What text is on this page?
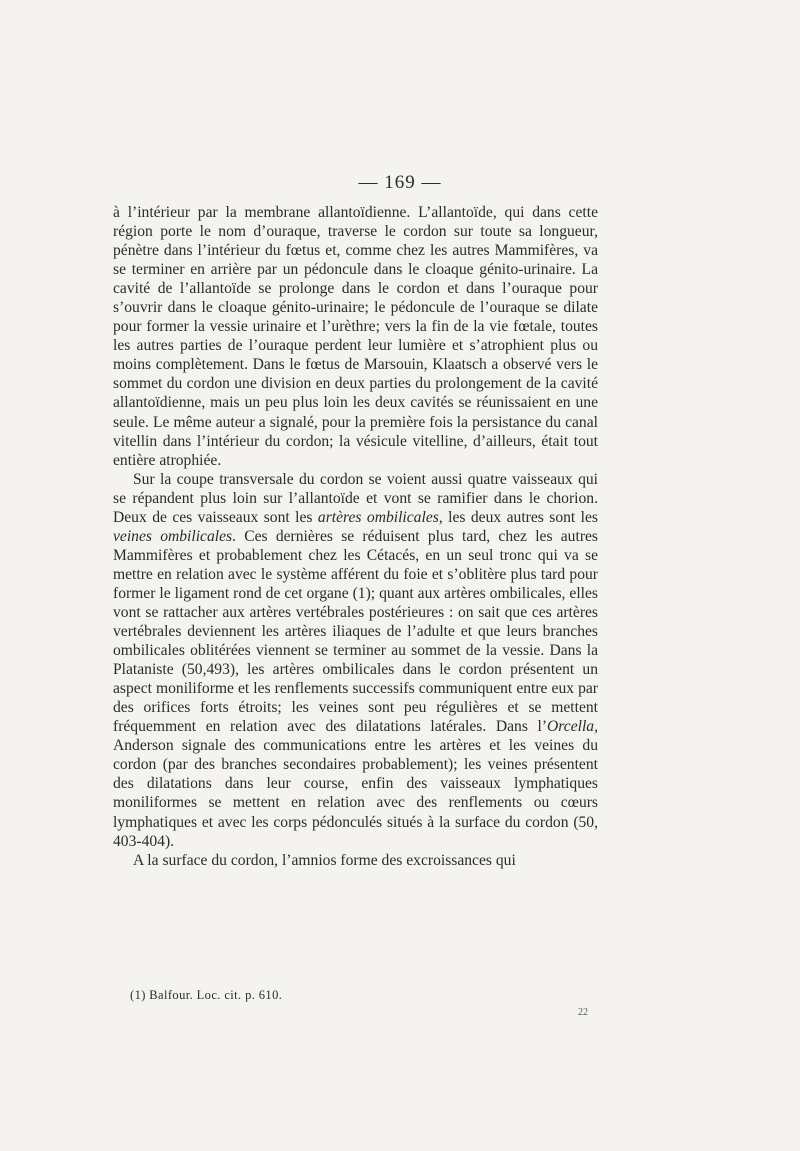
— 169 —

à l’intérieur par la membrane allantoïdienne. L’allantoïde, qui dans cette région porte le nom d’ouraque, traverse le cordon sur toute sa longueur, pénètre dans l’intérieur du fœtus et, comme chez les autres Mammifères, va se terminer en arrière par un pédoncule dans le cloaque génito-urinaire. La cavité de l’allantoïde se prolonge dans le cordon et dans l’ouraque pour s’ouvrir dans le cloaque génito-urinaire; le pédoncule de l’ouraque se dilate pour former la vessie urinaire et l’urèthre; vers la fin de la vie fœtale, toutes les autres parties de l’ouraque perdent leur lumière et s’atrophient plus ou moins complètement. Dans le fœtus de Marsouin, Klaatsch a observé vers le sommet du cordon une division en deux parties du prolongement de la cavité allantoïdienne, mais un peu plus loin les deux cavités se réunissaient en une seule. Le même auteur a signalé, pour la première fois la persistance du canal vitellin dans l’intérieur du cordon; la vésicule vitelline, d’ailleurs, était tout entière atrophiée.

Sur la coupe transversale du cordon se voient aussi quatre vaisseaux qui se répandent plus loin sur l’allantoïde et vont se ramifier dans le chorion. Deux de ces vaisseaux sont les artères ombilicales, les deux autres sont les veines ombilicales. Ces dernières se réduisent plus tard, chez les autres Mammifères et probablement chez les Cétacés, en un seul tronc qui va se mettre en relation avec le système afférent du foie et s’oblitère plus tard pour former le ligament rond de cet organe (1); quant aux artères ombilicales, elles vont se rattacher aux artères vertébrales postérieures : on sait que ces artères vertébrales deviennent les artères iliaques de l’adulte et que leurs branches ombilicales oblitérées viennent se terminer au sommet de la vessie. Dans la Plataniste (50,493), les artères ombilicales dans le cordon présentent un aspect moniliforme et les renflements successifs communiquent entre eux par des orifices forts étroits; les veines sont peu régulières et se mettent fréquemment en relation avec des dilatations latérales. Dans l’Orcella, Anderson signale des communications entre les artères et les veines du cordon (par des branches secondaires probablement); les veines présentent des dilatations dans leur course, enfin des vaisseaux lymphatiques moniliformes se mettent en relation avec des renflements ou cœurs lymphatiques et avec les corps pédonculés situés à la surface du cordon (50, 403-404).

A la surface du cordon, l’amnios forme des excroissances qui

(1) Balfour. Loc. cit. p. 610.
22
